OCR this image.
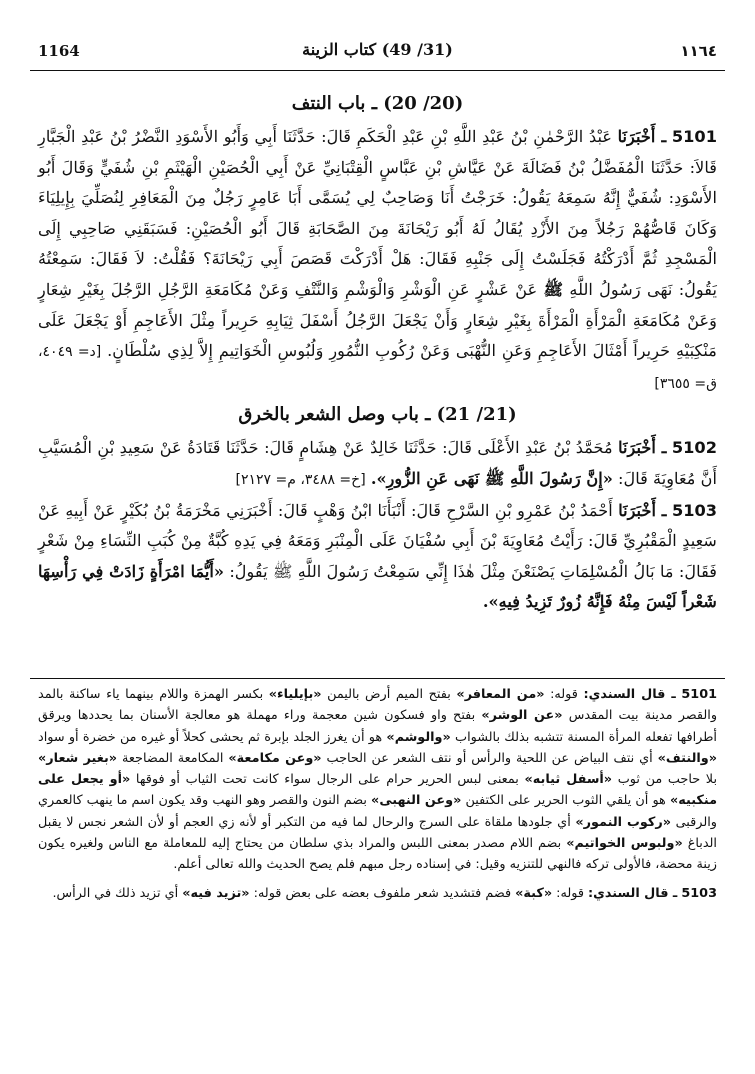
1164	(31/ 49) كتاب الزينة	١١٦٤
(20/ 20) ـ باب النتف

5101 ـ أَخْبَرَنَا عَبْدُ الرَّحْمٰنِ بْنُ عَبْدِ اللَّهِ بْنِ عَبْدِ الْحَكَمِ قَالَ: حَدَّثَنَا أَبِي وَأَبُو الأَسْوَدِ النَّضْرُ بْنُ عَبْدِ الْجَبَّارِ قَالاَ: حَدَّثَنَا الْمُفَضَّلُ بْنُ فَضَالَةَ عَنْ عَيَّاشِ بْنِ عَبَّاسٍ الْقِتْبَانِيِّ عَنْ أَبِي الْحُصَيْنِ الْهَيْثَمِ بْنِ شُفَيٍّ وَقَالَ أَبُو الأَسْوَدِ: شُفَيٌّ إِنَّهُ سَمِعَهُ يَقُولُ: خَرَجْتُ أَنَا وَصَاحِبٌ لِي يُسَمَّى أَبَا عَامِرٍ رَجُلٌ مِنَ الْمَعَافِرِ لِنُصَلِّيَ بِإِيلِيَاءَ وَكَانَ قَاصُّهُمْ رَجُلاً مِنَ الأَزْدِ يُقَالُ لَهُ أَبُو رَيْحَانَةَ مِنَ الصَّحَابَةِ قَالَ أَبُو الْحُصَيْنِ: فَسَبَقَنِي صَاحِبِي إِلَى الْمَسْجِدِ ثُمَّ أَدْرَكْتُهُ فَجَلَسْتُ إِلَى جَنْبِهِ فَقَالَ: هَلْ أَدْرَكْتَ قَصَصَ أَبِي رَيْحَانَةَ؟ فَقُلْتُ: لاَ فَقَالَ: سَمِعْتُهُ يَقُولُ: نَهَى رَسُولُ اللَّهِ ﷺ عَنْ عَشْرٍ عَنِ الْوَشْرِ وَالْوَشْمِ وَالنَّتْفِ وَعَنْ مُكَامَعَةِ الرَّجُلِ الرَّجُلَ بِغَيْرِ شِعَارٍ وَعَنْ مُكَامَعَةِ الْمَرْأَةِ الْمَرْأَةَ بِغَيْرِ شِعَارٍ وَأَنْ يَجْعَلَ الرَّجُلُ أَسْفَلَ ثِيَابِهِ حَرِيراً مِثْلَ الأَعَاجِمِ أَوْ يَجْعَلَ عَلَى مَنْكِبَيْهِ حَرِيراً أَمْثَالَ الأَعَاجِمِ وَعَنِ النُّهْبَى وَعَنْ رُكُوبِ النُّمُورِ وَلُبُوسِ الْخَوَاتِيمِ إِلاَّ لِذِي سُلْطَانٍ. [د= ٤٠٤٩، ق= ٣٦٥٥]

(21/ 21) ـ باب وصل الشعر بالخرق

5102 ـ أَخْبَرَنَا مُحَمَّدُ بْنُ عَبْدِ الأَعْلَى قَالَ: حَدَّثَنَا خَالِدٌ عَنْ هِشَامٍ قَالَ: حَدَّثَنَا قَتَادَةُ عَنْ سَعِيدِ بْنِ الْمُسَيَّبِ أَنَّ مُعَاوِيَةَ قَالَ: «إِنَّ رَسُولَ اللَّهِ ﷺ نَهَى عَنِ الزُّورِ». [خ= ٣٤٨٨، م= ٢١٢٧]

5103 ـ أَخْبَرَنَا أَحْمَدُ بْنُ عَمْرِو بْنِ السَّرْحِ قَالَ: أَنْبَأَنَا ابْنُ وَهْبٍ قَالَ: أَخْبَرَنِي مَخْرَمَةُ بْنُ بُكَيْرٍ عَنْ أَبِيهِ عَنْ سَعِيدٍ الْمَقْبُرِيِّ قَالَ: رَأَيْتُ مُعَاوِيَةَ بْنَ أَبِي سُفْيَانَ عَلَى الْمِنْبَرِ وَمَعَهُ فِي يَدِهِ كُبَّةٌ مِنْ كُبَبِ النِّسَاءِ مِنْ شَعْرٍ فَقَالَ: مَا بَالُ الْمُسْلِمَاتِ يَصْنَعْنَ مِثْلَ هٰذَا إِنِّي سَمِعْتُ رَسُولَ اللَّهِ ﷺ يَقُولُ: «أَيُّمَا امْرَأَةٍ زَادَتْ فِي رَأْسِهَا شَعْراً لَيْسَ مِنْهُ فَإِنَّهُ زُورٌ تَزِيدُ فِيهِ».

5101 ـ قال السندي: قوله: «من المعافر» بفتح الميم أرض باليمن «بإيلياء» بكسر الهمزة واللام بينهما ياء ساكنة بالمد والقصر مدينة بيت المقدس «عن الوشر» بفتح واو فسكون شين معجمة وراء مهملة هو معالجة الأسنان بما يحددها ويرقق أطرافها تفعله المرأة المسنة تتشبه بذلك بالشواب «والوشم» هو أن يغرز الجلد بإبرة ثم يحشى كحلاً أو غيره من خضرة أو سواد «والنتف» أي نتف البياض عن اللحية والرأس أو نتف الشعر عن الحاجب «وعن مكامعة» المكامعة المضاجعة «بغير شعار» بلا حاجب من ثوب «أسفل ثيابه» بمعنى لبس الحرير حرام على الرجال سواء كانت تحت الثياب أو فوقها «أو يجعل على منكبيه» هو أن يلقي الثوب الحرير على الكتفين «وعن النهبى» بضم النون والقصر وهو النهب وقد يكون اسم ما ينهب كالعمري والرقبى «ركوب النمور» أي جلودها ملقاة على السرج والرحال لما فيه من التكبر أو لأنه زي العجم أو لأن الشعر نجس لا يقبل الدباغ «ولبوس الخواتيم» بضم اللام مصدر بمعنى اللبس والمراد بذي سلطان من يحتاج إليه للمعاملة مع الناس ولغيره يكون زينة محضة، فالأولى تركه فالنهي للتنزيه وقيل: في إسناده رجل مبهم فلم يصح الحديث والله تعالى أعلم.

5103 ـ قال السندي: قوله: «كبة» فضم فتشديد شعر ملفوف بعضه على بعض قوله: «تزيد فيه» أي تزيد ذلك في الرأس.
